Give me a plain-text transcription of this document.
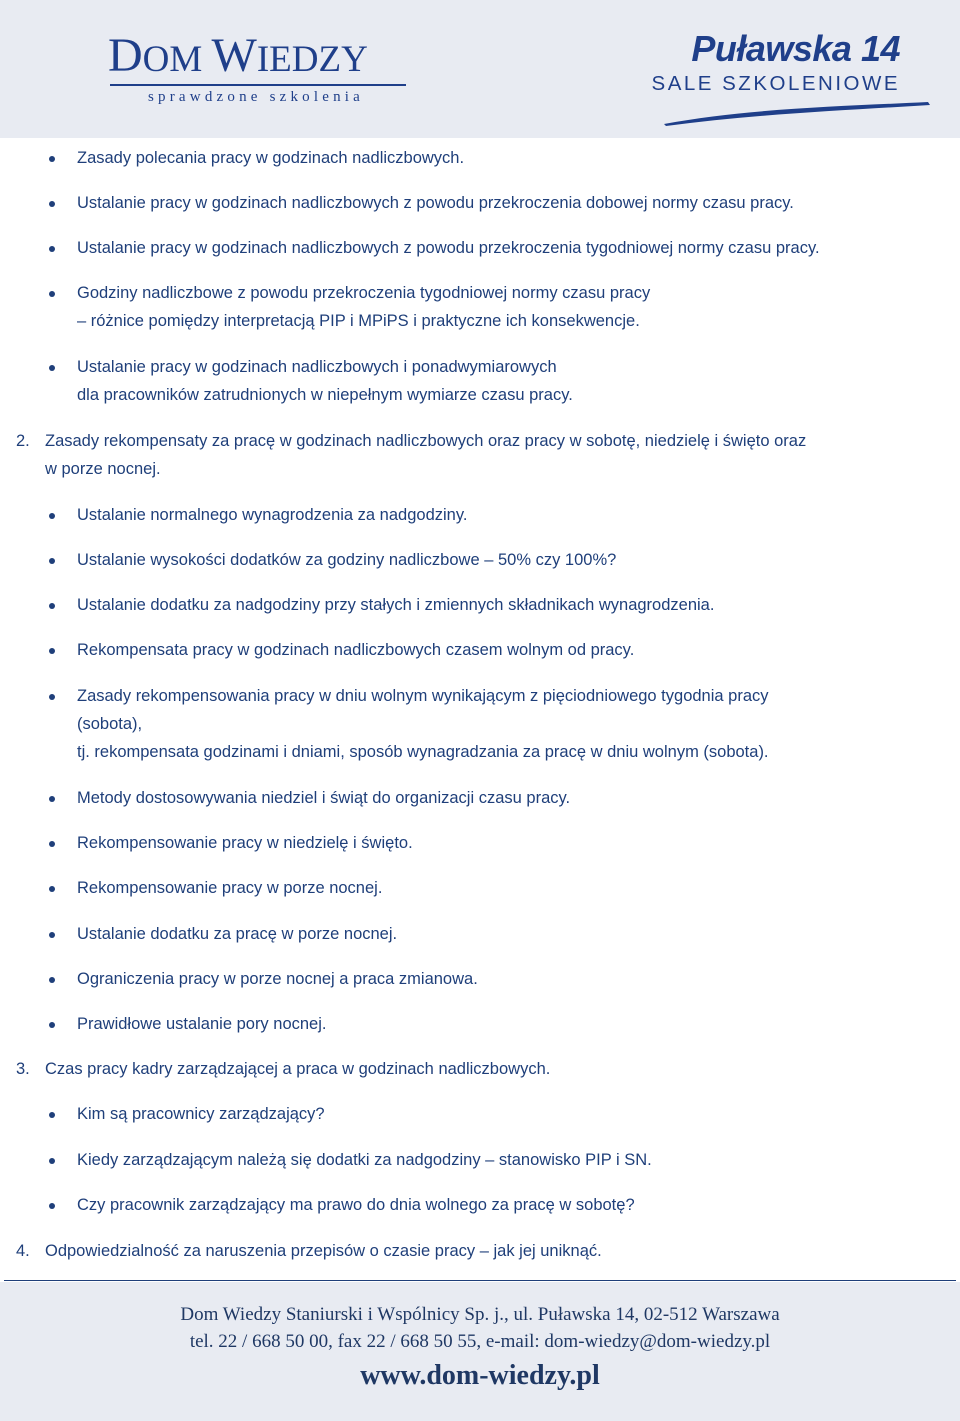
DOM WIEDZY
sprawdzone szkolenia
Puławska 14
SALE SZKOLENIOWE
Zasady polecania pracy w godzinach nadliczbowych.
Ustalanie pracy w godzinach nadliczbowych z powodu przekroczenia dobowej normy czasu pracy.
Ustalanie pracy w godzinach nadliczbowych z powodu przekroczenia tygodniowej normy czasu pracy.
Godziny nadliczbowe z powodu przekroczenia tygodniowej normy czasu pracy
– różnice pomiędzy interpretacją PIP i MPiPS i praktyczne ich konsekwencje.
Ustalanie pracy w godzinach nadliczbowych i ponadwymiarowych
dla pracowników zatrudnionych w niepełnym wymiarze czasu pracy.
2. Zasady rekompensaty za pracę w godzinach nadliczbowych oraz pracy w sobotę, niedzielę i święto oraz
w porze nocnej.
Ustalanie normalnego wynagrodzenia za nadgodziny.
Ustalanie wysokości dodatków za godziny nadliczbowe – 50% czy 100%?
Ustalanie dodatku za nadgodziny przy stałych i zmiennych składnikach wynagrodzenia.
Rekompensata pracy w godzinach nadliczbowych czasem wolnym od pracy.
Zasady rekompensowania pracy w dniu wolnym wynikającym z pięciodniowego tygodnia pracy
(sobota),
tj. rekompensata godzinami i dniami, sposób wynagradzania za pracę w dniu wolnym (sobota).
Metody dostosowywania niedziel i świąt do organizacji czasu pracy.
Rekompensowanie pracy w niedzielę i święto.
Rekompensowanie pracy w porze nocnej.
Ustalanie dodatku za pracę w porze nocnej.
Ograniczenia pracy w porze nocnej a praca zmianowa.
Prawidłowe ustalanie pory nocnej.
3. Czas pracy kadry zarządzającej a praca w godzinach nadliczbowych.
Kim są pracownicy zarządzający?
Kiedy zarządzającym należą się dodatki za nadgodziny – stanowisko PIP i SN.
Czy pracownik zarządzający ma prawo do dnia wolnego za pracę w sobotę?
4. Odpowiedzialność za naruszenia przepisów o czasie pracy – jak jej uniknąć.
Dom Wiedzy Staniurski i Wspólnicy Sp. j., ul. Puławska 14, 02-512 Warszawa
tel. 22 / 668 50 00, fax 22 / 668 50 55, e-mail: dom-wiedzy@dom-wiedzy.pl
www.dom-wiedzy.pl
